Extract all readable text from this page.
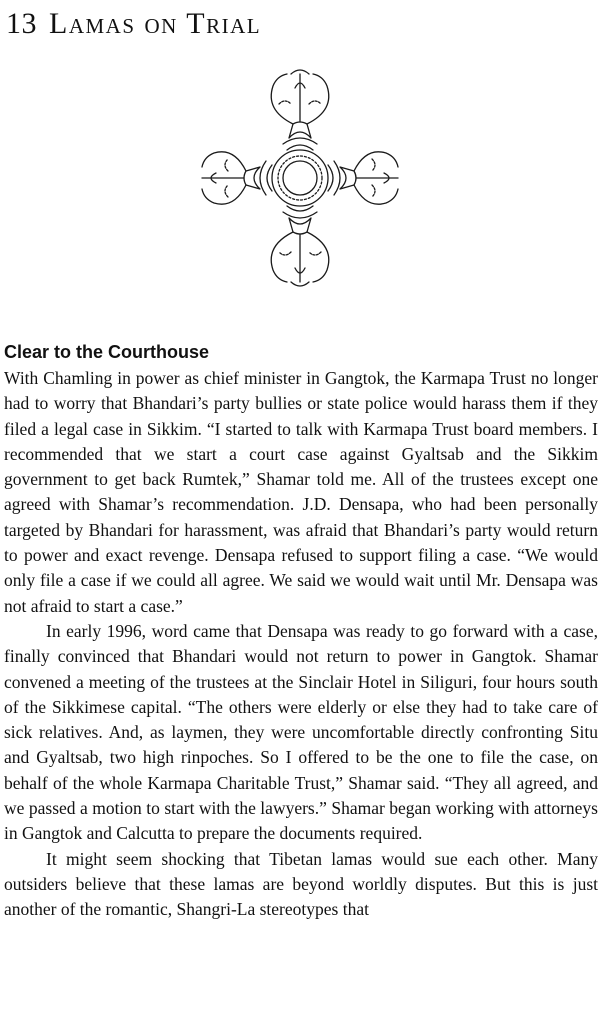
13 Lamas on Trial
Clear to the Courthouse

With Chamling in power as chief minister in Gangtok, the Karmapa Trust no longer had to worry that Bhandari’s party bullies or state police would harass them if they filed a legal case in Sikkim. “I started to talk with Karmapa Trust board members. I recommended that we start a court case against Gyaltsab and the Sikkim government to get back Rumtek,” Shamar told me. All of the trustees except one agreed with Shamar’s recommendation. J.D. Densapa, who had been personally targeted by Bhandari for harassment, was afraid that Bhandari’s party would return to power and exact revenge. Densapa refused to support filing a case. “We would only file a case if we could all agree. We said we would wait until Mr. Densapa was not afraid to start a case.”

In early 1996, word came that Densapa was ready to go forward with a case, finally convinced that Bhandari would not return to power in Gangtok. Shamar convened a meeting of the trustees at the Sinclair Hotel in Siliguri, four hours south of the Sikkimese capital. “The others were elderly or else they had to take care of sick relatives. And, as laymen, they were uncomfortable directly confronting Situ and Gyaltsab, two high rinpoches. So I offered to be the one to file the case, on behalf of the whole Karmapa Charitable Trust,” Shamar said. “They all agreed, and we passed a motion to start with the lawyers.” Shamar began working with attorneys in Gangtok and Calcutta to prepare the documents required.

It might seem shocking that Tibetan lamas would sue each other. Many outsiders believe that these lamas are beyond worldly disputes. But this is just another of the romantic, Shangri-La stereotypes that
